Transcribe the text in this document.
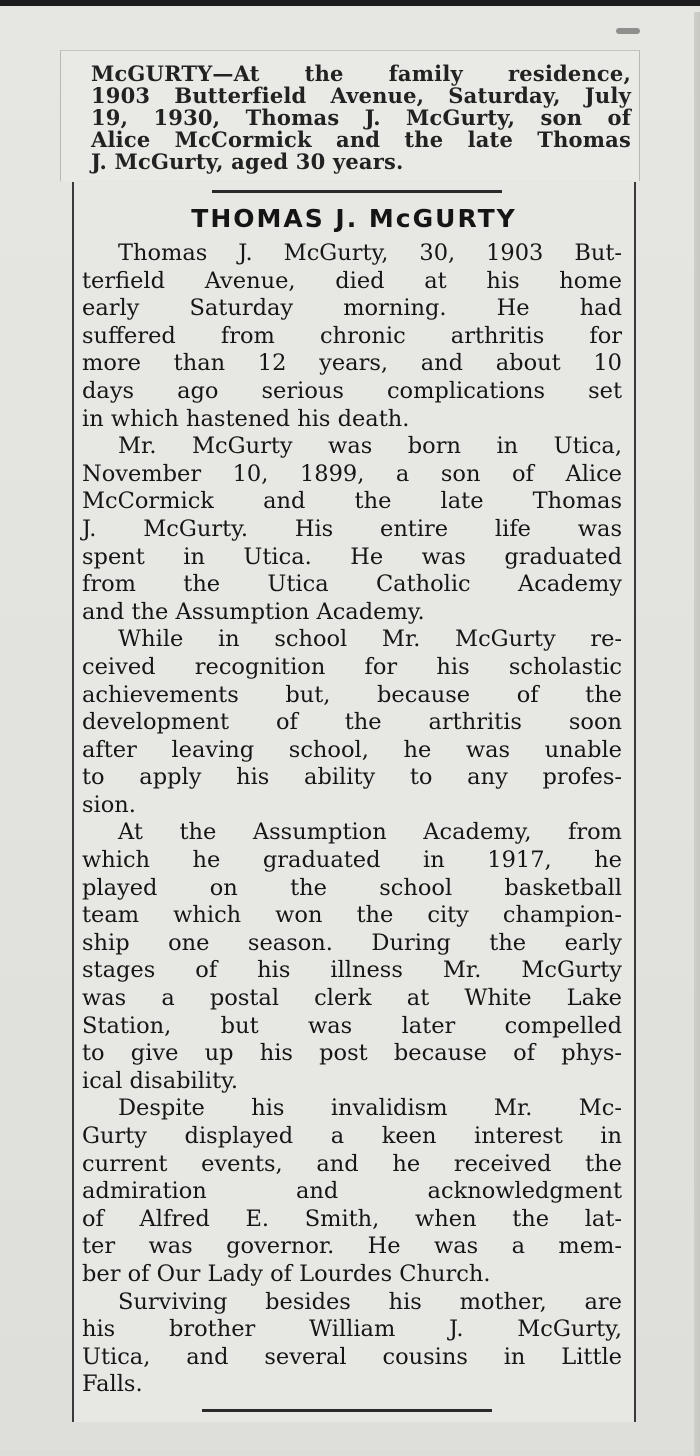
McGURTY—At the family residence,
1903 Butterfield Avenue, Saturday, July
19, 1930, Thomas J. McGurty, son of
Alice McCormick and the late Thomas
J. McGurty, aged 30 years.
THOMAS J. McGURTY
Thomas J. McGurty, 30, 1903 But-
terfield Avenue, died at his home
early Saturday morning. He had
suffered from chronic arthritis for
more than 12 years, and about 10
days ago serious complications set
in which hastened his death.
Mr. McGurty was born in Utica,
November 10, 1899, a son of Alice
McCormick and the late Thomas
J. McGurty. His entire life was
spent in Utica. He was graduated
from the Utica Catholic Academy
and the Assumption Academy.
While in school Mr. McGurty re-
ceived recognition for his scholastic
achievements but, because of the
development of the arthritis soon
after leaving school, he was unable
to apply his ability to any profes-
sion.
At the Assumption Academy, from
which he graduated in 1917, he
played on the school basketball
team which won the city champion-
ship one season. During the early
stages of his illness Mr. McGurty
was a postal clerk at White Lake
Station, but was later compelled
to give up his post because of phys-
ical disability.
Despite his invalidism Mr. Mc-
Gurty displayed a keen interest in
current events, and he received the
admiration and acknowledgment
of Alfred E. Smith, when the lat-
ter was governor. He was a mem-
ber of Our Lady of Lourdes Church.
Surviving besides his mother, are
his brother William J. McGurty,
Utica, and several cousins in Little
Falls.
